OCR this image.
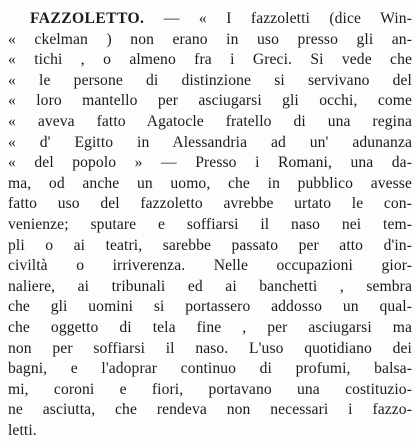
FAZZOLETTO. — « I fazzoletti (dice Win-
« ckelman ) non erano in uso presso gli an-
« tichi , o almeno fra i Greci. Si vede che
« le persone di distinzione si servivano del
« loro mantello per asciugarsi gli occhi, come
« aveva fatto Agatocle fratello di una regina
« d' Egitto in Alessandria ad un' adunanza
« del popolo » — Presso i Romani, una da-
ma, od anche un uomo, che in pubblico avesse
fatto uso del fazzoletto avrebbe urtato le con-
venienze; sputare e soffiarsi il naso nei tem-
pli o ai teatri, sarebbe passato per atto d'in-
civiltà o irriverenza. Nelle occupazioni gior-
naliere, ai tribunali ed ai banchetti , sembra
che gli uomini si portassero addosso un qual-
che oggetto di tela fine , per asciugarsi ma
non per soffiarsi il naso. L'uso quotidiano dei
bagni, e l'adoprar continuo di profumi, balsa-
mi, coroni e fiori, portavano una costituzio-
ne asciutta, che rendeva non necessari i fazzo-
letti.
